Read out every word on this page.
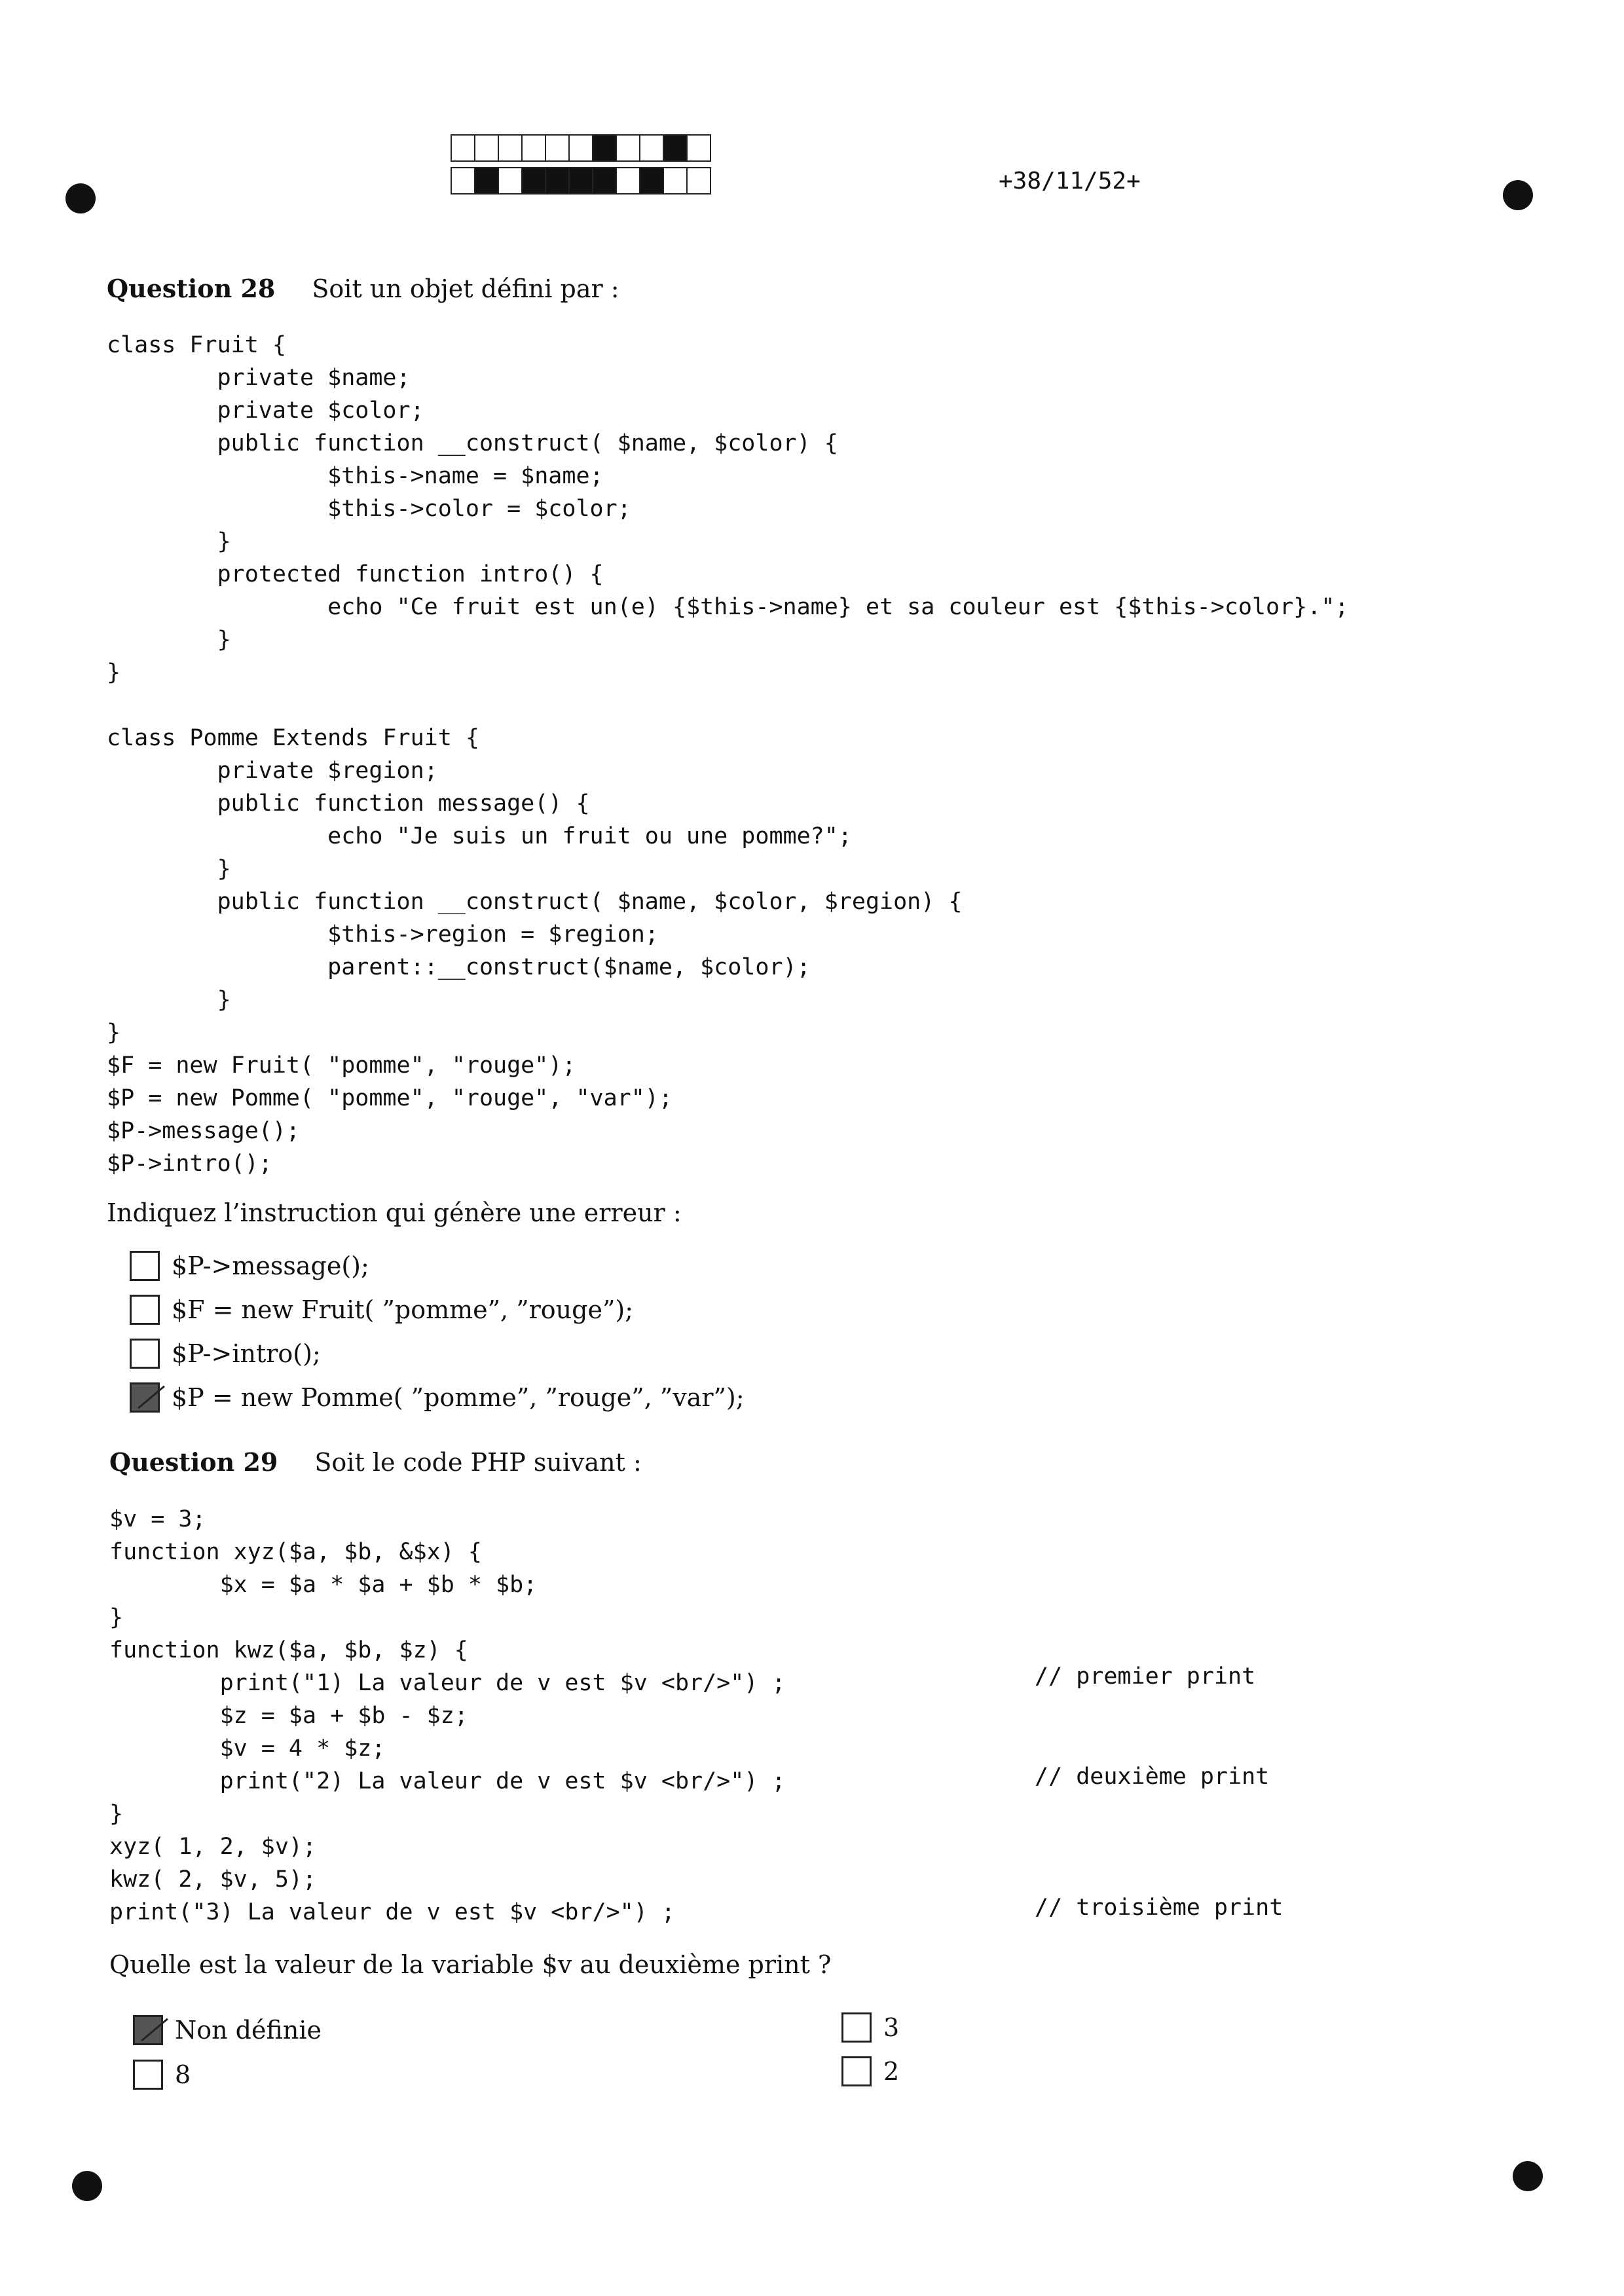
+38/11/52+
Question 28 Soit un objet défini par :
class Fruit {
private $name;
private $color;
public function __construct( $name, $color) {
$this->name = $name;
$this->color = $color;
}
protected function intro() {
echo "Ce fruit est un(e) {$this->name} et sa couleur est {$this->color}.";
}
}
class Pomme Extends Fruit {
private $region;
public function message() {
echo "Je suis un fruit ou une pomme?";
}
public function __construct( $name, $color, $region) {
$this->region = $region;
parent::__construct($name, $color);
}
}
$F = new Fruit( "pomme", "rouge");
$P = new Pomme( "pomme", "rouge", "var");
$P->message();
$P->intro();
Indiquez l’instruction qui génère une erreur :
$P->message();
$F = new Fruit( ”pomme”, ”rouge”);
$P->intro();
$P = new Pomme( ”pomme”, ”rouge”, ”var”);
Question 29 Soit le code PHP suivant :
$v = 3;
function xyz($a, $b, &$x) {
$x = $a * $a + $b * $b;
}
function kwz($a, $b, $z) {
print("1) La valeur de v est $v <br/>") ;
$z = $a + $b - $z;
$v = 4 * $z;
print("2) La valeur de v est $v <br/>") ;
}
xyz( 1, 2, $v);
kwz( 2, $v, 5);
print("3) La valeur de v est $v <br/>") ;
// premier print
// deuxième print
// troisième print
Quelle est la valeur de la variable $v au deuxième print ?
Non définie
8
3
2
